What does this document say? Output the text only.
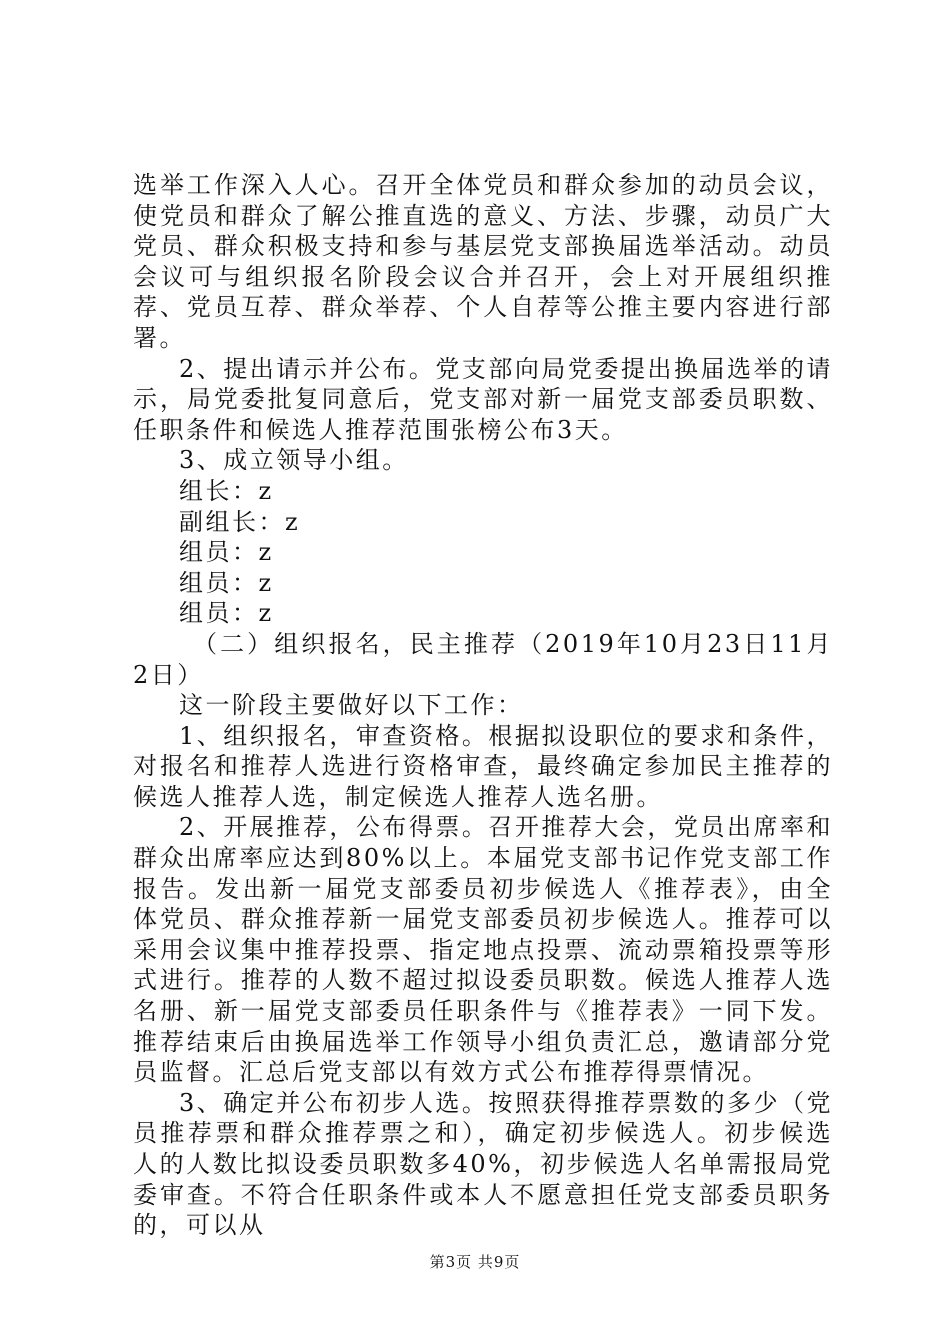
选举工作深入人心。召开全体党员和群众参加的动员会议，使党员和群众了解公推直选的意义、方法、步骤，动员广大党员、群众积极支持和参与基层党支部换届选举活动。动员会议可与组织报名阶段会议合并召开，会上对开展组织推荐、党员互荐、群众举荐、个人自荐等公推主要内容进行部署。

2、提出请示并公布。党支部向局党委提出换届选举的请示，局党委批复同意后，党支部对新一届党支部委员职数、任职条件和候选人推荐范围张榜公布3天。

3、成立领导小组。

组长：z

副组长：z

组员：z

组员：z

组员：z

（二）组织报名，民主推荐（2019年10月23日11月2日）

这一阶段主要做好以下工作：

1、组织报名，审查资格。根据拟设职位的要求和条件，对报名和推荐人选进行资格审查，最终确定参加民主推荐的候选人推荐人选，制定候选人推荐人选名册。

2、开展推荐，公布得票。召开推荐大会，党员出席率和群众出席率应达到80%以上。本届党支部书记作党支部工作报告。发出新一届党支部委员初步候选人《推荐表》，由全体党员、群众推荐新一届党支部委员初步候选人。推荐可以采用会议集中推荐投票、指定地点投票、流动票箱投票等形式进行。推荐的人数不超过拟设委员职数。候选人推荐人选名册、新一届党支部委员任职条件与《推荐表》一同下发。推荐结束后由换届选举工作领导小组负责汇总，邀请部分党员监督。汇总后党支部以有效方式公布推荐得票情况。

3、确定并公布初步人选。按照获得推荐票数的多少（党员推荐票和群众推荐票之和），确定初步候选人。初步候选人的人数比拟设委员职数多40%，初步候选人名单需报局党委审查。不符合任职条件或本人不愿意担任党支部委员职务的，可以从

第3页 共9页
